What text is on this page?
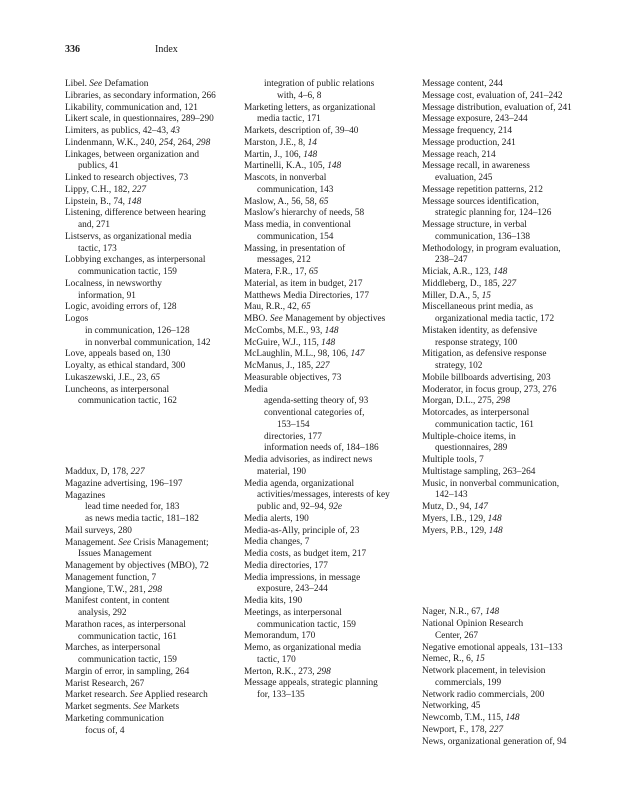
336	Index
Libel. See Defamation
Libraries, as secondary information, 266
Likability, communication and, 121
Likert scale, in questionnaires, 289–290
Limiters, as publics, 42–43, 43
Lindenmann, W.K., 240, 254, 264, 298
Linkages, between organization and
publics, 41
Linked to research objectives, 73
Lippy, C.H., 182, 227
Lipstein, B., 74, 148
Listening, difference between hearing
and, 271
Listservs, as organizational media
tactic, 173
Lobbying exchanges, as interpersonal
communication tactic, 159
Localness, in newsworthy
information, 91
Logic, avoiding errors of, 128
Logos
in communication, 126–128
in nonverbal communication, 142
Love, appeals based on, 130
Loyalty, as ethical standard, 300
Lukaszewski, J.E., 23, 65
Luncheons, as interpersonal
communication tactic, 162
Maddux, D, 178, 227
Magazine advertising, 196–197
Magazines
lead time needed for, 183
as news media tactic, 181–182
Mail surveys, 280
Management. See Crisis Management;
Issues Management
Management by objectives (MBO), 72
Management function, 7
Mangione, T.W., 281, 298
Manifest content, in content
analysis, 292
Marathon races, as interpersonal
communication tactic, 161
Marches, as interpersonal
communication tactic, 159
Margin of error, in sampling, 264
Marist Research, 267
Market research. See Applied research
Market segments. See Markets
Marketing communication
focus of, 4
integration of public relations
with, 4–6, 8
Marketing letters, as organizational
media tactic, 171
Markets, description of, 39–40
Marston, J.E., 8, 14
Martin, J., 106, 148
Martinelli, K.A., 105, 148
Mascots, in nonverbal
communication, 143
Maslow, A., 56, 58, 65
Maslow's hierarchy of needs, 58
Mass media, in conventional
communication, 154
Massing, in presentation of
messages, 212
Matera, F.R., 17, 65
Material, as item in budget, 217
Matthews Media Directories, 177
Mau, R.R., 42, 65
MBO. See Management by objectives
McCombs, M.E., 93, 148
McGuire, W.J., 115, 148
McLaughlin, M.L., 98, 106, 147
McManus, J., 185, 227
Measurable objectives, 73
Media
agenda-setting theory of, 93
conventional categories of,
153–154
directories, 177
information needs of, 184–186
Media advisories, as indirect news
material, 190
Media agenda, organizational
activities/messages, interests of key
public and, 92–94, 92e
Media alerts, 190
Media-as-Ally, principle of, 23
Media changes, 7
Media costs, as budget item, 217
Media directories, 177
Media impressions, in message
exposure, 243–244
Media kits, 190
Meetings, as interpersonal
communication tactic, 159
Memorandum, 170
Memo, as organizational media
tactic, 170
Merton, R.K., 273, 298
Message appeals, strategic planning
for, 133–135
Message content, 244
Message cost, evaluation of, 241–242
Message distribution, evaluation of, 241
Message exposure, 243–244
Message frequency, 214
Message production, 241
Message reach, 214
Message recall, in awareness
evaluation, 245
Message repetition patterns, 212
Message sources identification,
strategic planning for, 124–126
Message structure, in verbal
communication, 136–138
Methodology, in program evaluation,
238–247
Miciak, A.R., 123, 148
Middleberg, D., 185, 227
Miller, D.A., 5, 15
Miscellaneous print media, as
organizational media tactic, 172
Mistaken identity, as defensive
response strategy, 100
Mitigation, as defensive response
strategy, 102
Mobile billboards advertising, 203
Moderator, in focus group, 273, 276
Morgan, D.L., 275, 298
Motorcades, as interpersonal
communication tactic, 161
Multiple-choice items, in
questionnaires, 289
Multiple tools, 7
Multistage sampling, 263–264
Music, in nonverbal communication,
142–143
Mutz, D., 94, 147
Myers, I.B., 129, 148
Myers, P.B., 129, 148
Nager, N.R., 67, 148
National Opinion Research
Center, 267
Negative emotional appeals, 131–133
Nemec, R., 6, 15
Network placement, in television
commercials, 199
Network radio commercials, 200
Networking, 45
Newcomb, T.M., 115, 148
Newport, F., 178, 227
News, organizational generation of, 94
